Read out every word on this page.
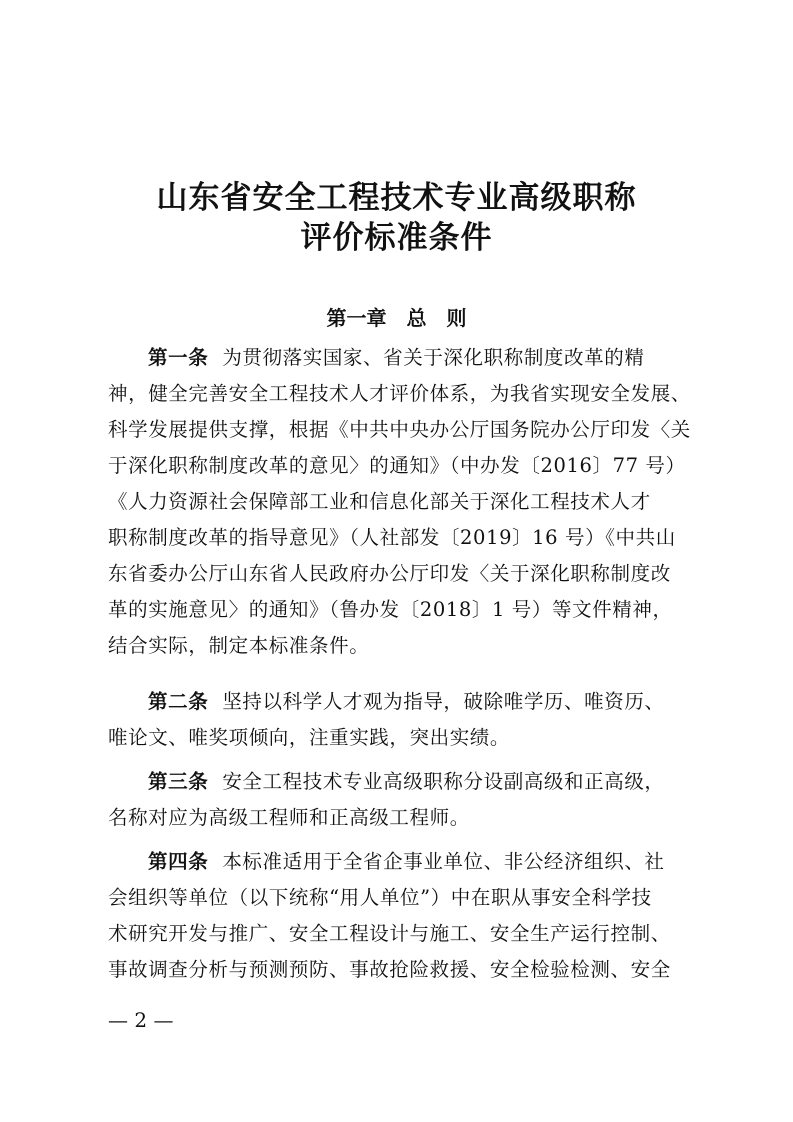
山东省安全工程技术专业高级职称
评价标准条件
第一章　总　则
第一条 为贯彻落实国家、省关于深化职称制度改革的精
神，健全完善安全工程技术人才评价体系，为我省实现安全发展、
科学发展提供支撑，根据《中共中央办公厅国务院办公厅印发〈关
于深化职称制度改革的意见〉的通知》（中办发〔2016〕77 号）
《人力资源社会保障部工业和信息化部关于深化工程技术人才
职称制度改革的指导意见》（人社部发〔2019〕16 号）《中共山
东省委办公厅山东省人民政府办公厅印发〈关于深化职称制度改
革的实施意见〉的通知》（鲁办发〔2018〕1 号）等文件精神，
结合实际，制定本标准条件。
第二条 坚持以科学人才观为指导，破除唯学历、唯资历、
唯论文、唯奖项倾向，注重实践，突出实绩。
第三条 安全工程技术专业高级职称分设副高级和正高级，
名称对应为高级工程师和正高级工程师。
第四条 本标准适用于全省企事业单位、非公经济组织、社
会组织等单位（以下统称“用人单位”）中在职从事安全科学技
术研究开发与推广、安全工程设计与施工、安全生产运行控制、
事故调查分析与预测预防、事故抢险救援、安全检验检测、安全
— 2 —
